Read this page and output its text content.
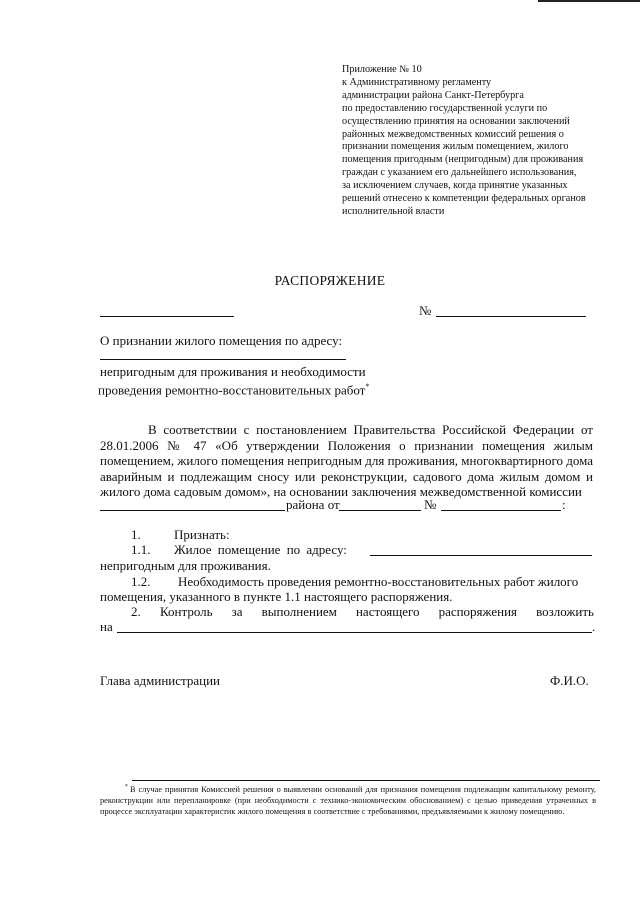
Приложение № 10
к Административному регламенту
администрации района Санкт-Петербурга
по предоставлению государственной услуги по
осуществлению принятия на основании заключений
районных межведомственных комиссий решения о
признании помещения жилым помещением, жилого
помещения пригодным (непригодным) для проживания
граждан с указанием его дальнейшего использования,
за исключением случаев, когда принятие указанных
решений отнесено к компетенции федеральных органов
исполнительной власти
РАСПОРЯЖЕНИЕ
№
О признании жилого помещения по адресу:
непригодным для проживания и необходимости
проведения ремонтно-восстановительных работ*
В соответствии с постановлением Правительства Российской Федерации от 28.01.2006 № 47 «Об утверждении Положения о признании помещения жилым помещением, жилого помещения непригодным для проживания, многоквартирного дома аварийным и подлежащим сносу или реконструкции, садового дома жилым домом и жилого дома садовым домом», на основании заключения межведомственной комиссии
района от	№	:
1.	Признать:
1.1. Жилое помещение по адресу:
непригодным для проживания.
1.2. Необходимость проведения ремонтно-восстановительных работ жилого
помещения, указанного в пункте 1.1 настоящего распоряжения.
2. Контроль за выполнением настоящего распоряжения возложить
на	.
Глава администрации	Ф.И.О.
* В случае принятия Комиссией решения о выявлении оснований для признания помещения подлежащим капитальному ремонту, реконструкции или перепланировке (при необходимости с технико-экономическим обоснованием) с целью приведения утраченных в процессе эксплуатации характеристик жилого помещения в соответствие с требованиями, предъявляемыми к жилому помещению.
